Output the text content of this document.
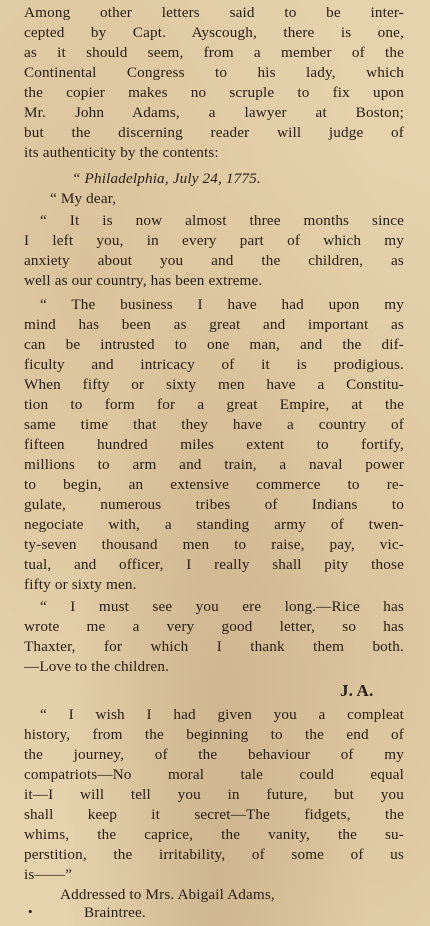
Among other letters said to be inter-
cepted by Capt. Ayscough, there is one,
as it should seem, from a member of the
Continental Congress to his lady, which
the copier makes no scruple to fix upon
Mr. John Adams, a lawyer at Boston;
but the discerning reader will judge of
its authenticity by the contents:
“ Philadelphia, July 24, 1775.
“ My dear,
“ It is now almost three months since
I left you, in every part of which my
anxiety about you and the children, as
well as our country, has been extreme.
“ The business I have had upon my
mind has been as great and important as
can be intrusted to one man, and the dif-
ficulty and intricacy of it is prodigious.
When fifty or sixty men have a Constitu-
tion to form for a great Empire, at the
same time that they have a country of
fifteen hundred miles extent to fortify,
millions to arm and train, a naval power
to begin, an extensive commerce to re-
gulate, numerous tribes of Indians to
negociate with, a standing army of twen-
ty-seven thousand men to raise, pay, vic-
tual, and officer, I really shall pity those
fifty or sixty men.
“ I must see you ere long.—Rice has
wrote me a very good letter, so has
Thaxter, for which I thank them both.
—Love to the children.
J. A.
“ I wish I had given you a compleat
history, from the beginning to the end of
the journey, of the behaviour of my
compatriots—No moral tale could equal
it—I will tell you in future, but you
shall keep it secret—The fidgets, the
whims, the caprice, the vanity, the su-
perstition, the irritability, of some of us
is——”
Addressed to Mrs. Abigail Adams,
•	Braintree.
